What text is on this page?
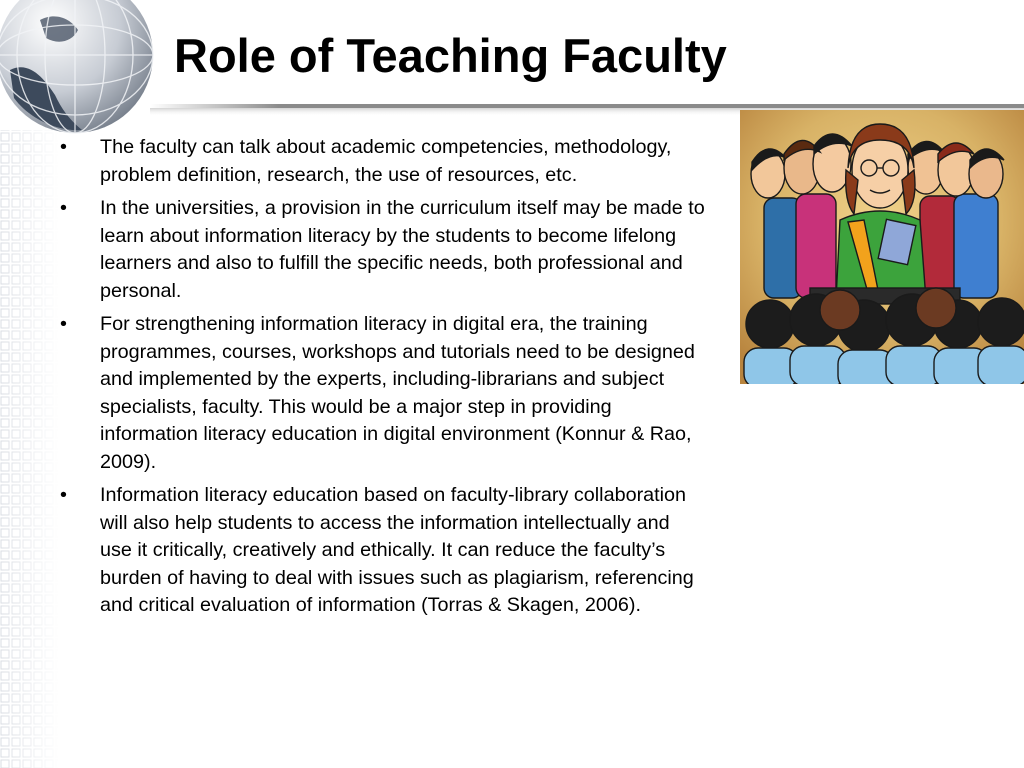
Role of Teaching Faculty
• The faculty can talk about academic competencies, methodology, problem definition, research, the use of resources, etc.
• In the universities, a provision in the curriculum itself may be made to learn about information literacy by the students to become lifelong learners and also to fulfill the specific needs, both professional and personal.
• For strengthening information literacy in digital era, the training programmes, courses, workshops and tutorials need to be designed and implemented by the experts, including-librarians and subject specialists, faculty. This would be a major step in providing information literacy education in digital environment (Konnur & Rao, 2009).
• Information literacy education based on faculty-library collaboration will also help students to access the information intellectually and use it critically, creatively and ethically. It can reduce the faculty’s burden of having to deal with issues such as plagiarism, referencing and critical evaluation of information (Torras & Skagen, 2006).
